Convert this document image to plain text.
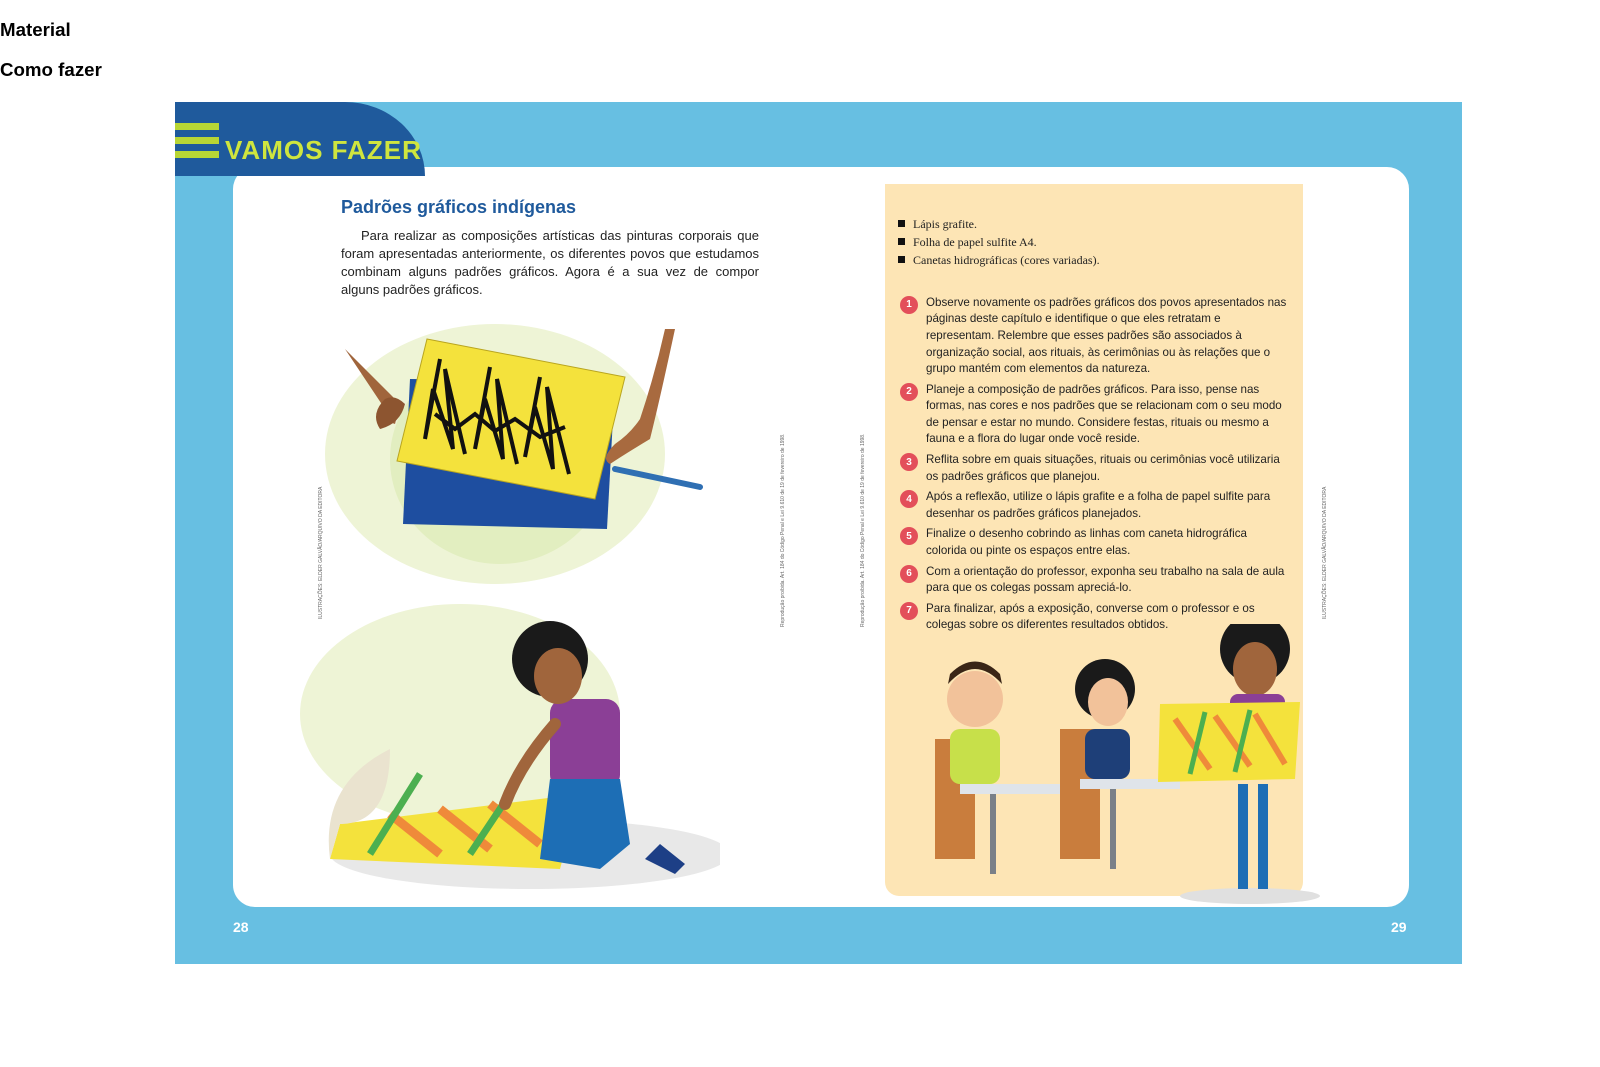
VAMOS FAZER
Padrões gráficos indígenas

Para realizar as composições artísticas das pinturas corporais que foram apresentadas anteriormente, os diferentes povos que estudamos combinam alguns padrões gráficos. Agora é a sua vez de compor alguns padrões gráficos.

ILUSTRAÇÕES: ELDER GALVÃO/ARQUIVO DA EDITORA	Reprodução proibida. Art. 184 do Código Penal e Lei 9.610 de 19 de fevereiro de 1998.	Reprodução proibida. Art. 184 do Código Penal e Lei 9.610 de 19 de fevereiro de 1998.
Material
Lápis grafite.
Folha de papel sulfite A4.
Canetas hidrográficas (cores variadas).
Como fazer
1	Observe novamente os padrões gráficos dos povos apresentados nas páginas deste capítulo e identifique o que eles retratam e representam. Relembre que esses padrões são associados à organização social, aos rituais, às cerimônias ou às relações que o grupo mantém com elementos da natureza.
2	Planeje a composição de padrões gráficos. Para isso, pense nas formas, nas cores e nos padrões que se relacionam com o seu modo de pensar e estar no mundo. Considere festas, rituais ou mesmo a fauna e a flora do lugar onde você reside.
3	Reflita sobre em quais situações, rituais ou cerimônias você utilizaria os padrões gráficos que planejou.
4	Após a reflexão, utilize o lápis grafite e a folha de papel sulfite para desenhar os padrões gráficos planejados.
5	Finalize o desenho cobrindo as linhas com caneta hidrográfica colorida ou pinte os espaços entre elas.
6	Com a orientação do professor, exponha seu trabalho na sala de aula para que os colegas possam apreciá-lo.
7	Para finalizar, após a exposição, converse com o professor e os colegas sobre os diferentes resultados obtidos.
ILUSTRAÇÕES: ELDER GALVÃO/ARQUIVO DA EDITORA
28	29
